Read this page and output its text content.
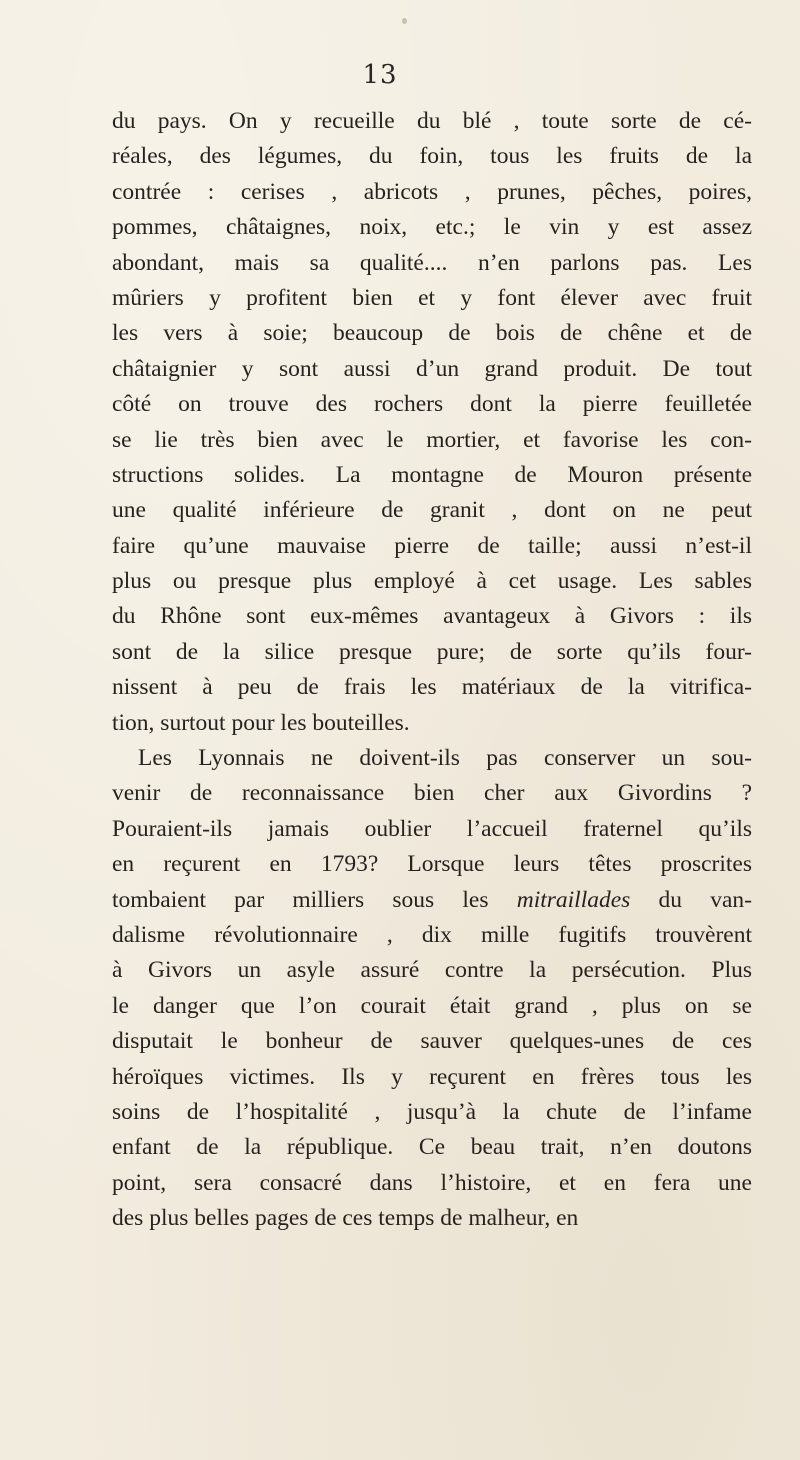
13
du pays. On y recueille du blé , toute sorte de cé-
réales, des légumes, du foin, tous les fruits de la
contrée : cerises , abricots , prunes, pêches, poires,
pommes, châtaignes, noix, etc.; le vin y est assez
abondant, mais sa qualité.... n’en parlons pas. Les
mûriers y profitent bien et y font élever avec fruit
les vers à soie; beaucoup de bois de chêne et de
châtaignier y sont aussi d’un grand produit. De tout
côté on trouve des rochers dont la pierre feuilletée
se lie très bien avec le mortier, et favorise les con-
structions solides. La montagne de Mouron présente
une qualité inférieure de granit , dont on ne peut
faire qu’une mauvaise pierre de taille; aussi n’est-il
plus ou presque plus employé à cet usage. Les sables
du Rhône sont eux-mêmes avantageux à Givors : ils
sont de la silice presque pure; de sorte qu’ils four-
nissent à peu de frais les matériaux de la vitrifica-
tion, surtout pour les bouteilles.
Les Lyonnais ne doivent-ils pas conserver un sou-
venir de reconnaissance bien cher aux Givordins ?
Pouraient-ils jamais oublier l’accueil fraternel qu’ils
en reçurent en 1793? Lorsque leurs têtes proscrites
tombaient par milliers sous les mitraillades du van-
dalisme révolutionnaire , dix mille fugitifs trouvèrent
à Givors un asyle assuré contre la persécution. Plus
le danger que l’on courait était grand , plus on se
disputait le bonheur de sauver quelques-unes de ces
héroïques victimes. Ils y reçurent en frères tous les
soins de l’hospitalité , jusqu’à la chute de l’infame
enfant de la république. Ce beau trait, n’en doutons
point, sera consacré dans l’histoire, et en fera une
des plus belles pages de ces temps de malheur, en
